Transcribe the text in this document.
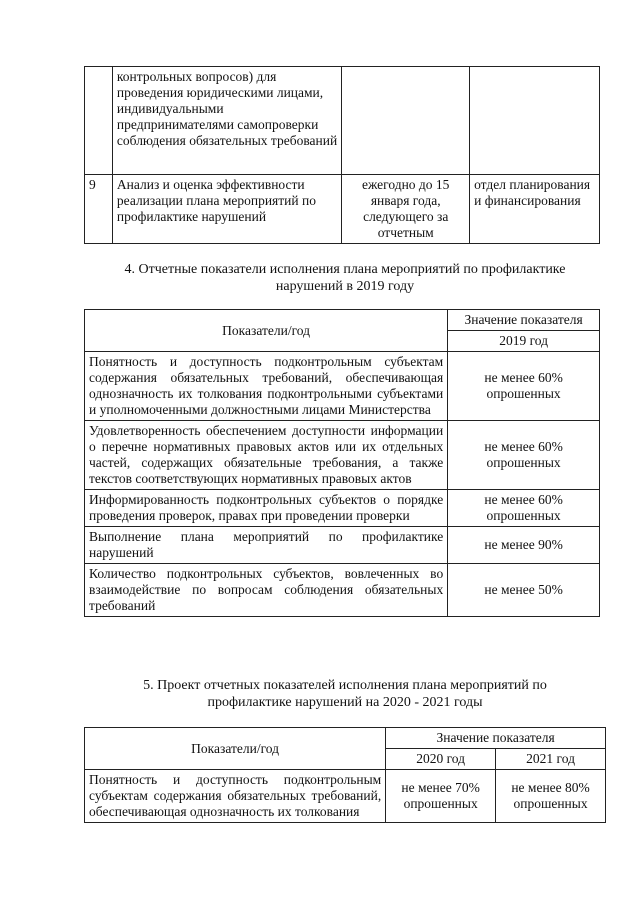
	контрольных вопросов) для проведения юридическими лицами, индивидуальными предпринимателями самопроверки соблюдения обязательных требований		
9	Анализ и оценка эффективности реализации плана мероприятий по профилактике нарушений	ежегодно до 15 января года, следующего за отчетным	отдел планирования и финансирования
4. Отчетные показатели исполнения плана мероприятий по профилактике нарушений в 2019 году
Показатели/год	Значение показателя
	2019 год
Понятность и доступность подконтрольным субъектам содержания обязательных требований, обеспечивающая однозначность их толкования подконтрольными субъектами и уполномоченными должностными лицами Министерства	не менее 60% опрошенных
Удовлетворенность обеспечением доступности информации о перечне нормативных правовых актов или их отдельных частей, содержащих обязательные требования, а также текстов соответствующих нормативных правовых актов	не менее 60% опрошенных
Информированность подконтрольных субъектов о порядке проведения проверок, правах при проведении проверки	не менее 60% опрошенных
Выполнение плана мероприятий по профилактике нарушений	не менее 90%
Количество подконтрольных субъектов, вовлеченных во взаимодействие по вопросам соблюдения обязательных требований	не менее 50%
5. Проект отчетных показателей исполнения плана мероприятий по профилактике нарушений на 2020 - 2021 годы
Показатели/год	Значение показателя	
	2020 год	2021 год
Понятность и доступность подконтрольным субъектам содержания обязательных требований, обеспечивающая однозначность их толкования	не менее 70% опрошенных	не менее 80% опрошенных
